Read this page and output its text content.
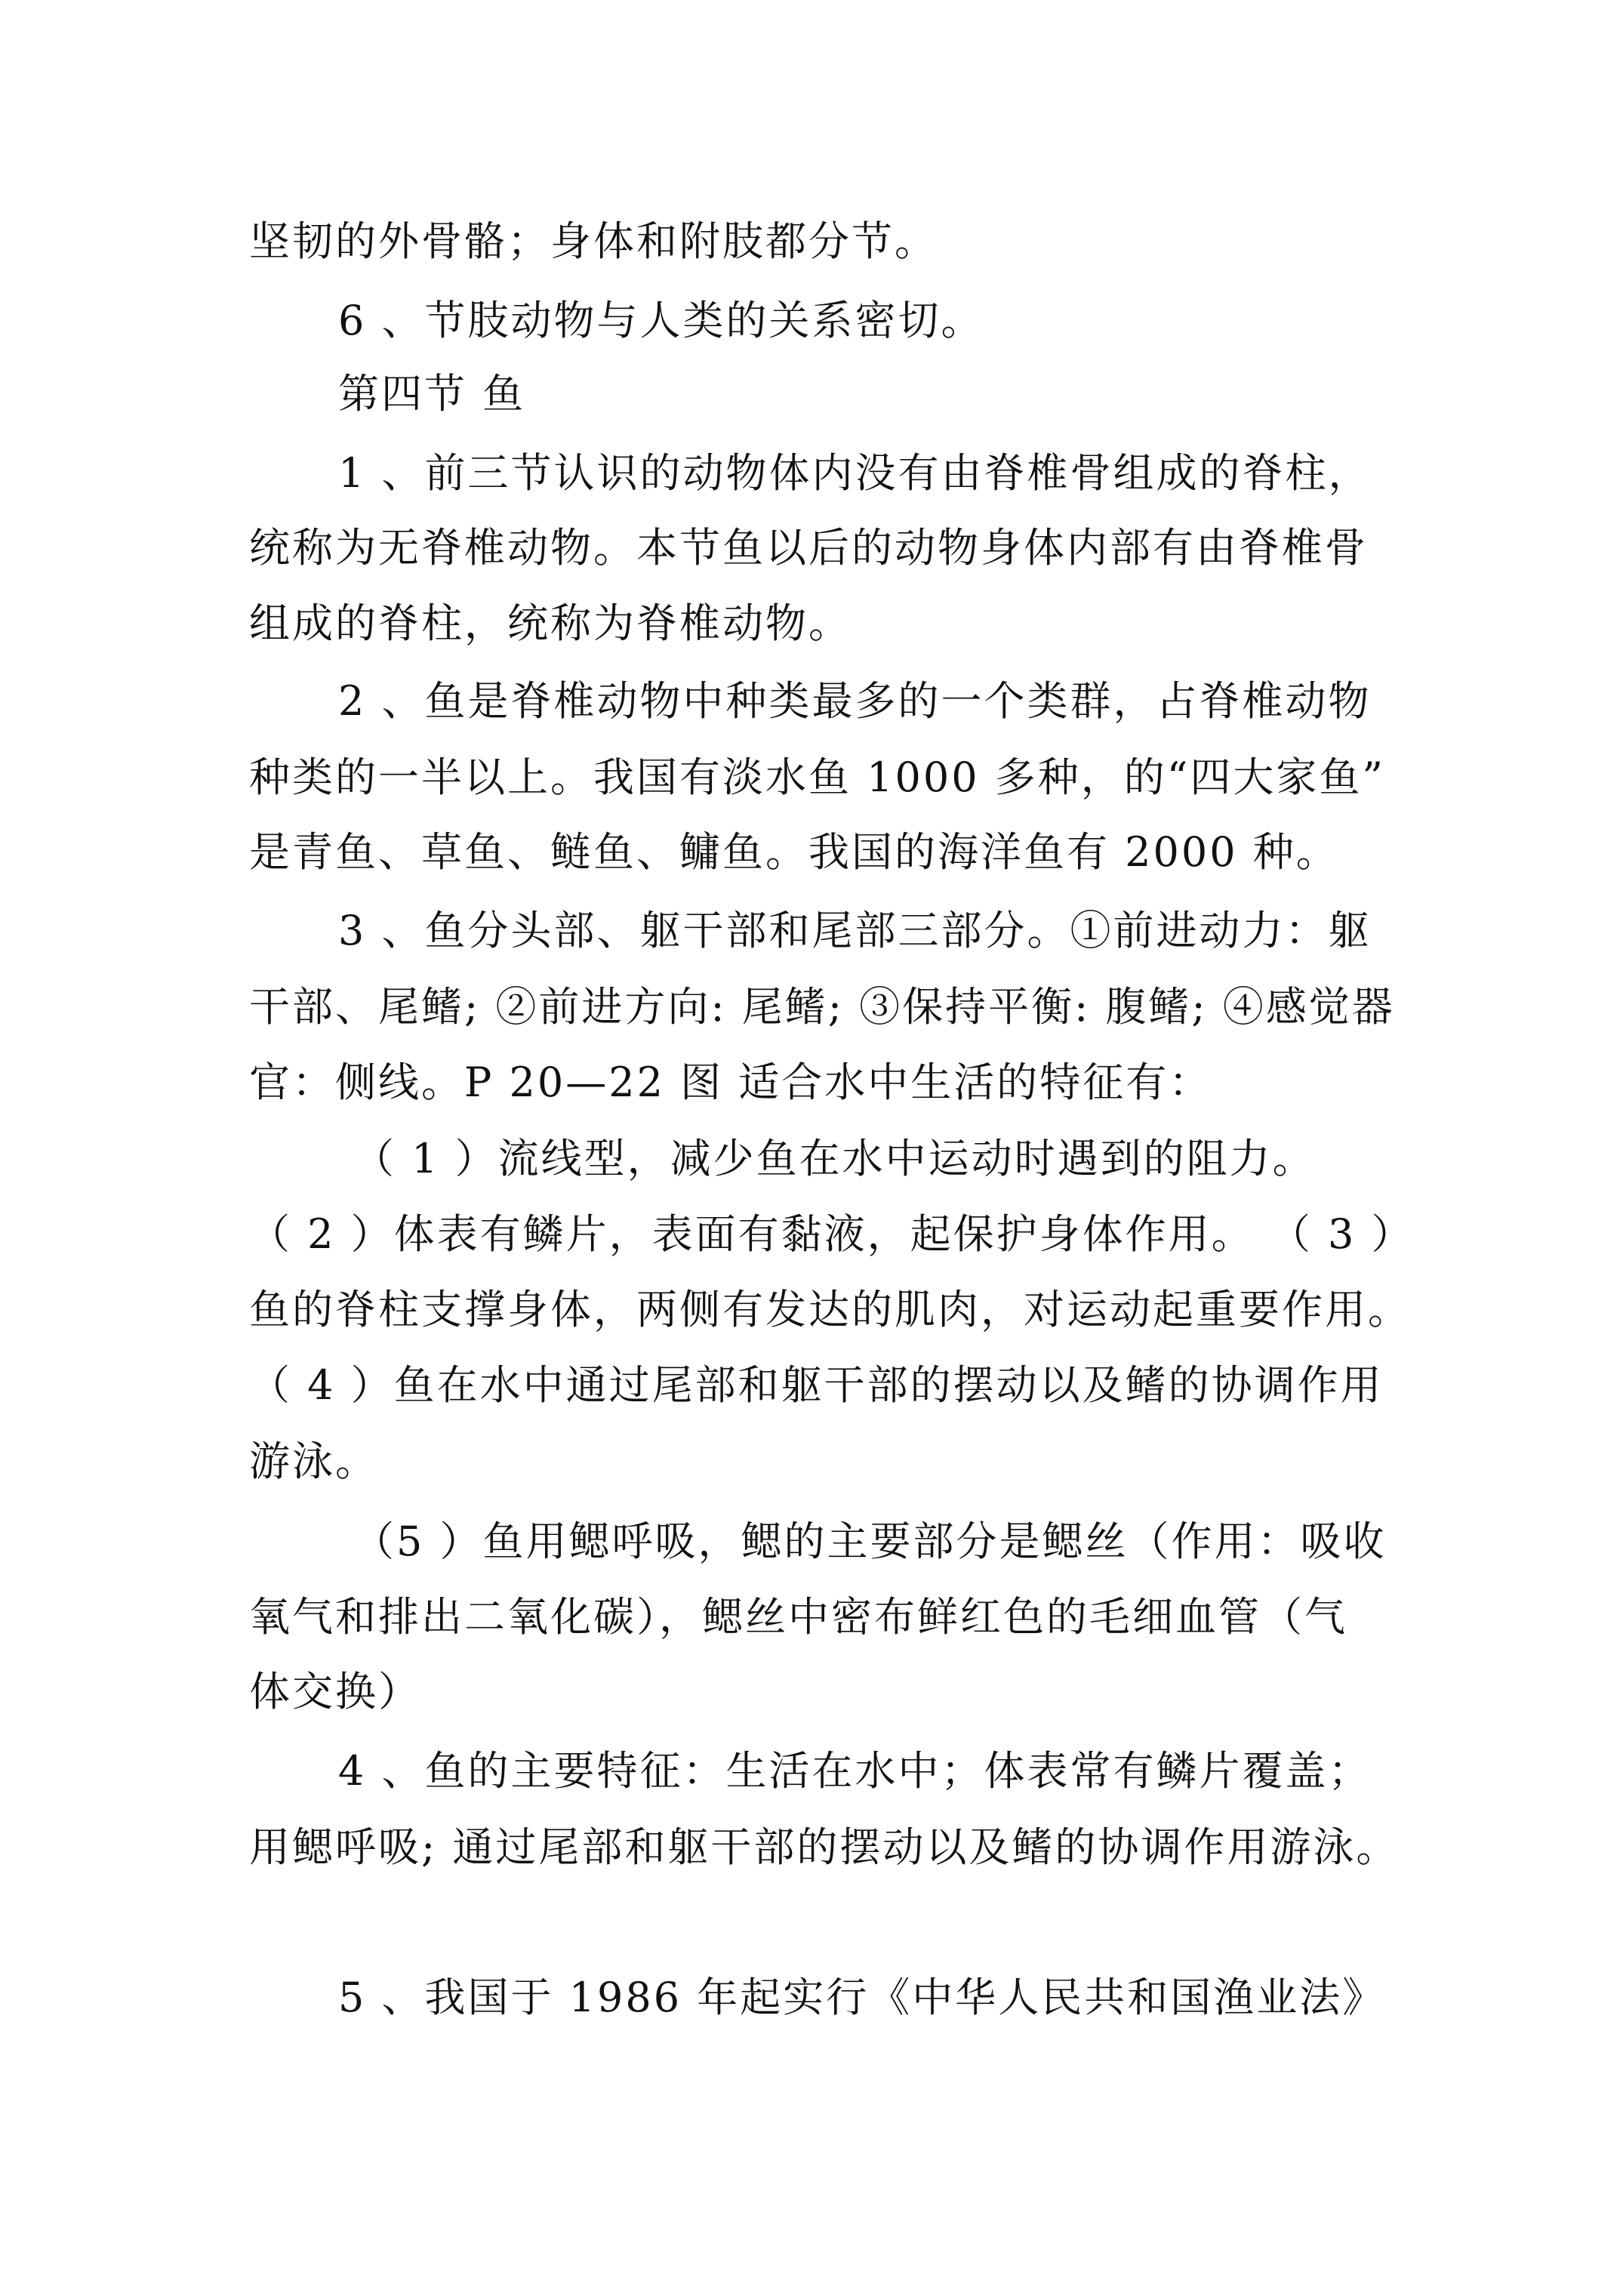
坚韧的外骨骼；身体和附肢都分节。
6 、节肢动物与人类的关系密切。
第四节 鱼
1 、前三节认识的动物体内没有由脊椎骨组成的脊柱，
统称为无脊椎动物。本节鱼以后的动物身体内部有由脊椎骨
组成的脊柱，统称为脊椎动物。
2 、鱼是脊椎动物中种类最多的一个类群，占脊椎动物
种类的一半以上。我国有淡水鱼 1000 多种，的“四大家鱼”
是青鱼、草鱼、鲢鱼、鳙鱼。我国的海洋鱼有 2000 种。
3 、鱼分头部、躯干部和尾部三部分。①前进动力：躯
干部、尾鳍; ②前进方向: 尾鳍; ③保持平衡: 腹鳍; ④感觉器
官：侧线。P 20—22 图 适合水中生活的特征有：
（ 1 ）流线型，减少鱼在水中运动时遇到的阻力。
（ 2 ）体表有鳞片，表面有黏液，起保护身体作用。 （ 3 ）
鱼的脊柱支撑身体，两侧有发达的肌肉，对运动起重要作用。
（ 4 ）鱼在水中通过尾部和躯干部的摆动以及鳍的协调作用
游泳。
（5 ）鱼用鳃呼吸，鳃的主要部分是鳃丝（作用：吸收
氧气和排出二氧化碳），鳃丝中密布鲜红色的毛细血管（气
体交换）
4 、鱼的主要特征：生活在水中；体表常有鳞片覆盖；
用鳃呼吸; 通过尾部和躯干部的摆动以及鳍的协调作用游泳。
5 、我国于 1986 年起实行《中华人民共和国渔业法》
